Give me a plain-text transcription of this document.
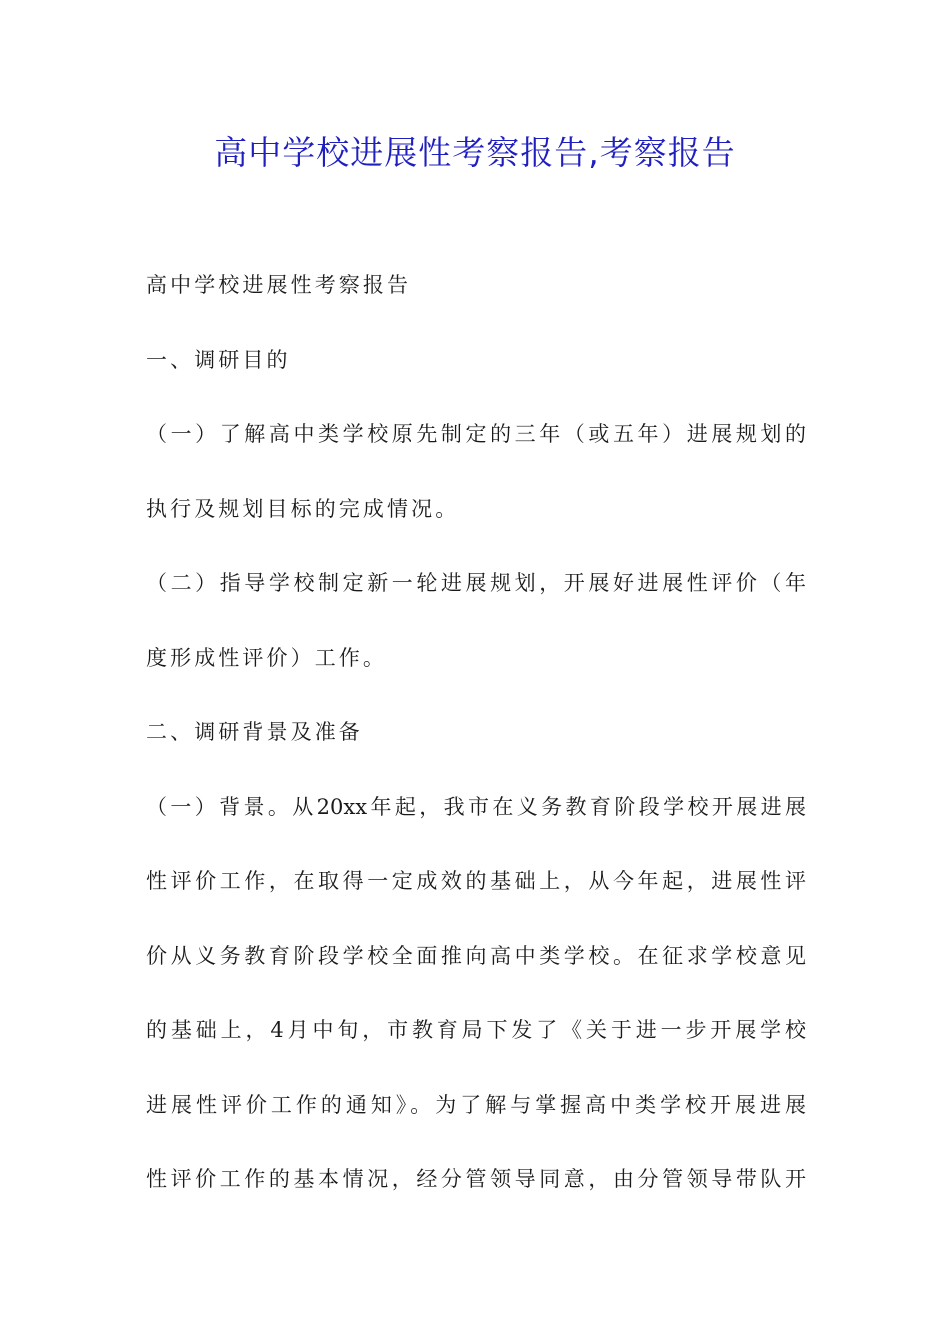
高中学校进展性考察报告,考察报告
高中学校进展性考察报告
一、调研目的
（一）了解高中类学校原先制定的三年（或五年）进展规划的
执行及规划目标的完成情况。
（二）指导学校制定新一轮进展规划，开展好进展性评价（年
度形成性评价）工作。
二、调研背景及准备
（一）背景。从20xx年起，我市在义务教育阶段学校开展进展
性评价工作，在取得一定成效的基础上，从今年起，进展性评
价从义务教育阶段学校全面推向高中类学校。在征求学校意见
的基础上，4月中旬，市教育局下发了《关于进一步开展学校
进展性评价工作的通知》。为了解与掌握高中类学校开展进展
性评价工作的基本情况，经分管领导同意，由分管领导带队开
